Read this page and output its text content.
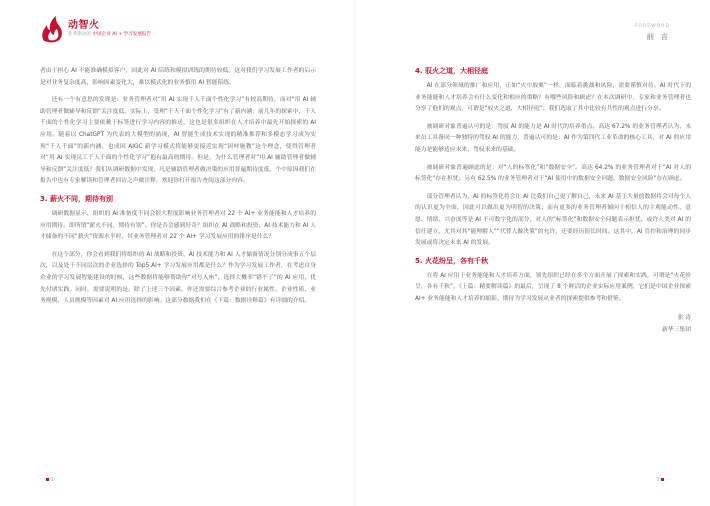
动智火
业务驱动的 中国企业 AI + 学习发展报告

者由于担心 AI 不能准确模拟客户，因此对 AI 陪练和模拟训练的期待较低。这对我们学习发展工作者的启示是对业务复杂度高、影响因素变化大，难以模式化的业务慎用 AI 智能陪练。

还有一个有意思的发现是：业务管理者对“用 AI 实现千人千面个性化学习”有较高期待，而对“用 AI 辅助管理者做辅导和反馈”关注度低。实际上，受理“千人千面个性化学习”有了新内涵：前几年的探索中，千人千面的个性化学习主要依赖于标签进行学习内容的推送，这也是很多组织在人才培养中最先开始探索的 AI 应用。随着以 ChatGPT 为代表的大模型的涌现，AI 智能生成技术实现的精准推荐和多模态学习成为实现“千人千面”的新内涵，也成因 AIGC 新学习模式将能够更接近实现“因材施教”这个理念，使得管理者对“用 AI 实现员工千人千面的个性化学习”抱有最高的期待。但是，为什么管理者对“用 AI 辅助管理者做辅导和反馈”关注度低？我们从调研数据中发现，凡是辅助管理者做决策的应用普遍期待度低。个中原因我们在报告中也有专家解读和管理者回访之声做注释，欢迎你打开报告查阅这部分内容。

3. 薪火不同，期待有别

调研数据显示，组织的 AI 准备度不同会很大程度影响业务管理者对 22 个 AI+ 业务能能和人才培养的应用期待。即所谓“薪火不同，期待有别”。你是否会感到好奇？组织在 AI 战略和投资、AI 技术能力和 AI 人才储备的不同“薪火”资源水平时，其业务管理者对 22 个 AI+ 学习发展应用的排序是什么？

在这个部分，你会看到我们将组织的 AI 战略和投资、AI 技术能力和 AI 人才储备情况分别分成事五个层次，以及处于不同层次的企业选择的 Top5 AI+ 学习发展应用都是什么？作为学习发展工作者，在考虑自身企业的学习发展智能建设的时候，这些数据将能够帮助你“对号入座”，选择大概率“错不了”的 AI 应用，优先付诸实践。同时，需要说明的是，除了上述三个因素，你还需要综合参考企业的行业属性、企业性质、业务规模、人员规模等因素对 AI 应用选择的影响。这部分数据我们在《下篇：数据诠释篇》有详细的介绍。

1
FOREWORD
前 言
4. 驭火之道，大相径庭

AI 在部分领域的推广和应用，正如“火中取栗”一样，面临着挑战和风险，需要谨慎对待。AI 时代下的业务能能和人才培养会有什么变化和相应的策略？有哪些风险和顾虑？在本次调研中，专家和业务管理者也分享了他们的观点，可谓是“驭火之道，大相径庭”。我们选取了其中比较有共性的观点进行分享。

被调研对象普遍认可的是：驾驭 AI 的能力是 AI 时代的培养重点。高达 67.2% 的业务管理者认为，未来员工具备同一种独特的驾驭 AI 的能力，普遍认可的是：AI 作为第四代工业革命的核心工具，对 AI 的应用能力是能够适应未来、驾驭未来的基础。

被调研对象普遍顾虑的是：对“人的标签化”和“数据安全”。高达 64.2% 的业务管理者对于“AI 对人的标签化”存在担忧；另有 62.5% 的业务管理者对于“AI 使用中的数据安全问题，数据安全风险”存在顾虑。

部分管理者认为，AI 的标签化将会让 AI 比我们自己更了解自己，未来 AI 基于大量的数据将会对每个人的认识更为全面，因此可以做出更为明智的决策；而有更多的业务管理者倾向于相信人的主观能动性、意愿、情绪、兴奋度等是 AI 不可数字化的部分，对人的“标签化”和数据安全问题表示担忧。或许人类对 AI 的信任建立，尤其对其“能理解人”“代替人做决策”的允许，还要经历很长时间。这其中，AI 管控和治理的同步发展或将决定未来 AI 的发展。

5. 火花纷呈，各有千秋

在将 AI 应用于业务能能和人才培养方面，领先组织已经在多个方面开展了探索和实践，可谓是“火花纷呈，各有千秋”。《上篇：精要解读篇》的最后，呈现了 8 个鲜活的企业实际应用案例，它们是中国企业探索 AI+ 业务能能和人才培养的缩影，期待为学习发展从业者的探索提供参考和借鉴。

张 涛
新华三集团
3
